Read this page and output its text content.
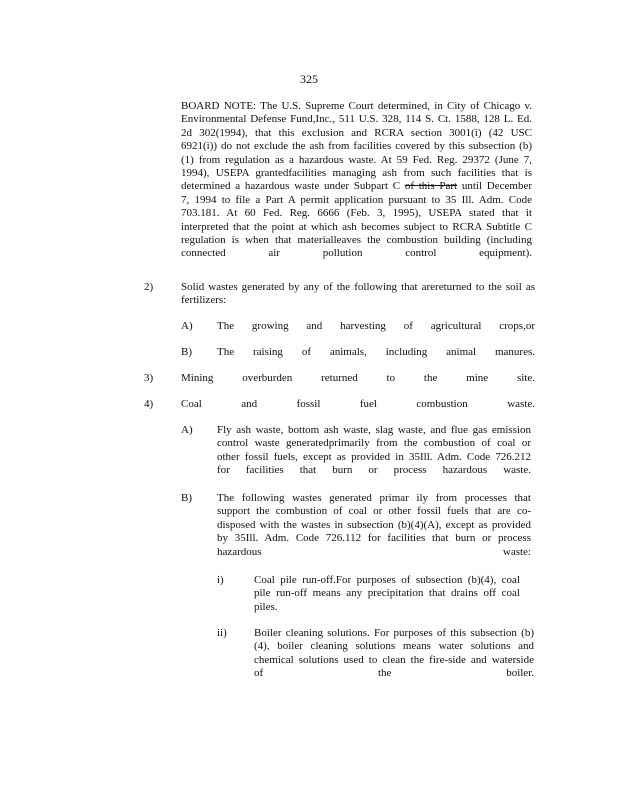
325
BOARD NOTE: The U.S. Supreme Court determined, in City of Chicago v. Environmental Defense Fund,Inc., 511 U.S. 328, 114 S. Ct. 1588, 128 L. Ed. 2d 302(1994), that this exclusion and RCRA section 3001(i) (42 USC 6921(i)) do not exclude the ash from facilities covered by this subsection (b)(1) from regulation as a hazardous waste. At 59 Fed. Reg. 29372 (June 7, 1994), USEPA grantedfacilities managing ash from such facilities that is determined a hazardous waste under Subpart C of this Part until December 7, 1994 to file a Part A permit application pursuant to 35 Ill. Adm. Code 703.181. At 60 Fed. Reg. 6666 (Feb. 3, 1995), USEPA stated that it interpreted that the point at which ash becomes subject to RCRA Subtitle C regulation is when that materialleaves the combustion building (including connected air pollution control equipment).
2)	Solid wastes generated by any of the following that arereturned to the soil as fertilizers:
A) The growing and harvesting of agricultural crops,or
B) The raising of animals, including animal manures.
3)	Mining overburden returned to the mine site.
4)	Coal and fossil fuel combustion waste.
A) Fly ash waste, bottom ash waste, slag waste, and flue gas emission control waste generatedprimarily from the combustion of coal or other fossil fuels, except as provided in 35Ill. Adm. Code 726.212 for facilities that burn or process hazardous waste.
B) The following wastes generated primar ily from processes that support the combustion of coal or other fossil fuels that are co-disposed with the wastes in subsection (b)(4)(A), except as provided by 35Ill. Adm. Code 726.112 for facilities that burn or process hazardous waste:
i)	Coal pile run-off.For purposes of subsection (b)(4), coal pile run-off means any precipitation that drains off coal piles.
ii) Boiler cleaning solutions. For purposes of this subsection (b)(4), boiler cleaning solutions means water solutions and chemical solutions used to clean the fire-side and waterside of the boiler.
